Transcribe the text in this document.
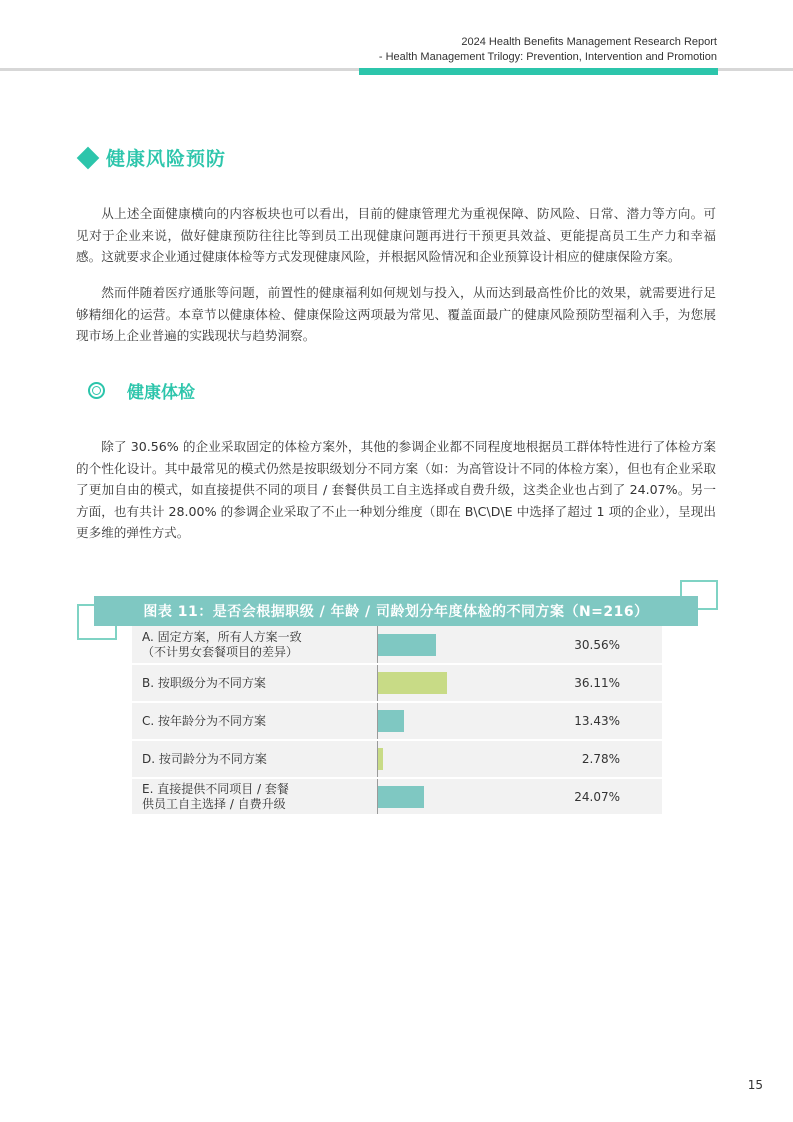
2024 Health Benefits Management Research Report
- Health Management Trilogy: Prevention, Intervention and Promotion
健康风险预防

从上述全面健康横向的内容板块也可以看出，目前的健康管理尤为重视保障、防风险、日常、潜力等方向。可见对于企业来说，做好健康预防往往比等到员工出现健康问题再进行干预更具效益、更能提高员工生产力和幸福感。这就要求企业通过健康体检等方式发现健康风险，并根据风险情况和企业预算设计相应的健康保险方案。

然而伴随着医疗通胀等问题，前置性的健康福利如何规划与投入，从而达到最高性价比的效果，就需要进行足够精细化的运营。本章节以健康体检、健康保险这两项最为常见、覆盖面最广的健康风险预防型福利入手，为您展现市场上企业普遍的实践现状与趋势洞察。

健康体检

除了 30.56% 的企业采取固定的体检方案外，其他的参调企业都不同程度地根据员工群体特性进行了体检方案的个性化设计。其中最常见的模式仍然是按职级划分不同方案（如：为高管设计不同的体检方案），但也有企业采取了更加自由的模式，如直接提供不同的项目 / 套餐供员工自主选择或自费升级，这类企业也占到了 24.07%。另一方面，也有共计 28.00% 的参调企业采取了不止一种划分维度（即在 B\C\D\E 中选择了超过 1 项的企业），呈现出更多维的弹性方式。

A. 固定方案，所有人方案一致
（不计男女套餐项目的差异）	30.56%
B. 按职级分为不同方案	36.11%
C. 按年龄分为不同方案	13.43%
D. 按司龄分为不同方案	2.78%
E. 直接提供不同项目 / 套餐
供员工自主选择 / 自费升级	24.07%
图表 11：是否会根据职级 / 年龄 / 司龄划分年度体检的不同方案（N=216）
15
